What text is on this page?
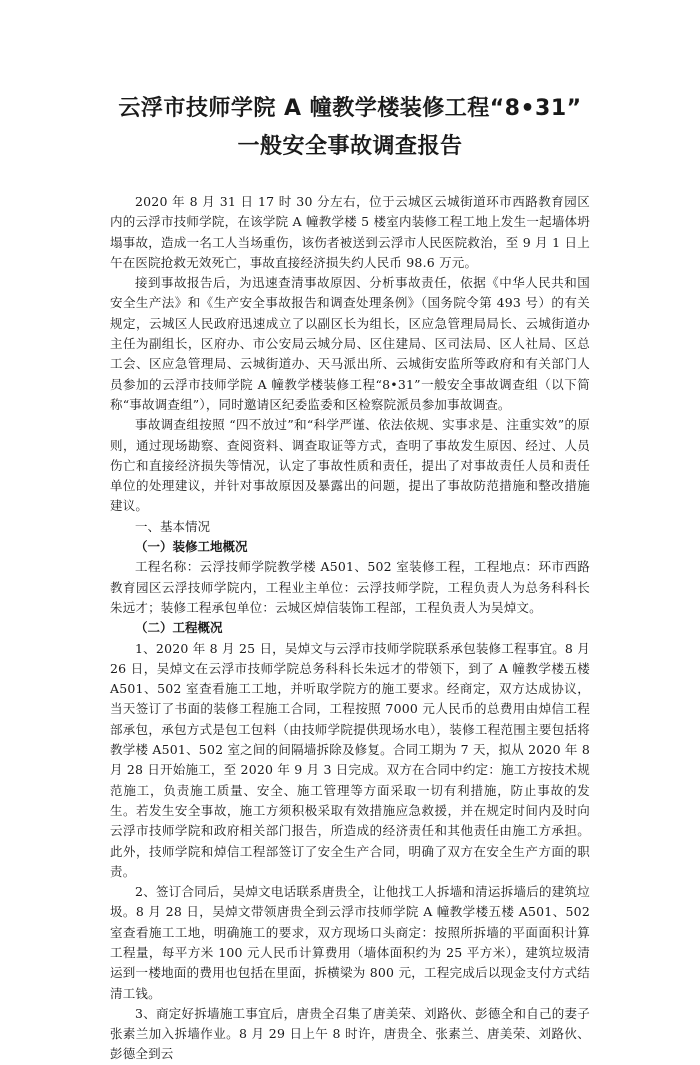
云浮市技师学院 A 幢教学楼装修工程“8•31”
一般安全事故调查报告

2020 年 8 月 31 日 17 时 30 分左右，位于云城区云城街道环市西路教育园区内的云浮市技师学院，在该学院 A 幢教学楼 5 楼室内装修工程工地上发生一起墙体坍塌事故，造成一名工人当场重伤，该伤者被送到云浮市人民医院救治，至 9 月 1 日上午在医院抢救无效死亡，事故直接经济损失约人民币 98.6 万元。

接到事故报告后，为迅速查清事故原因、分析事故责任，依据《中华人民共和国安全生产法》和《生产安全事故报告和调查处理条例》（国务院令第 493 号）的有关规定，云城区人民政府迅速成立了以副区长为组长，区应急管理局局长、云城街道办主任为副组长，区府办、市公安局云城分局、区住建局、区司法局、区人社局、区总工会、区应急管理局、云城街道办、天马派出所、云城街安监所等政府和有关部门人员参加的云浮市技师学院 A 幢教学楼装修工程“8•31”一般安全事故调查组（以下简称“事故调查组”），同时邀请区纪委监委和区检察院派员参加事故调查。

事故调查组按照 “四不放过”和“科学严谨、依法依规、实事求是、注重实效”的原则，通过现场勘察、查阅资料、调查取证等方式，查明了事故发生原因、经过、人员伤亡和直接经济损失等情况，认定了事故性质和责任，提出了对事故责任人员和责任单位的处理建议，并针对事故原因及暴露出的问题，提出了事故防范措施和整改措施建议。

一、基本情况

（一）装修工地概况

工程名称：云浮技师学院教学楼 A501、502 室装修工程，工程地点：环市西路教育园区云浮技师学院内，工程业主单位：云浮技师学院，工程负责人为总务科科长朱远才；装修工程承包单位：云城区焯信装饰工程部，工程负责人为吴焯文。

（二）工程概况

1、2020 年 8 月 25 日，吴焯文与云浮市技师学院联系承包装修工程事宜。8 月 26 日，吴焯文在云浮市技师学院总务科科长朱远才的带领下，到了 A 幢教学楼五楼 A501、502 室查看施工工地，并听取学院方的施工要求。经商定，双方达成协议，当天签订了书面的装修工程施工合同，工程按照 7000 元人民币的总费用由焯信工程部承包，承包方式是包工包料（由技师学院提供现场水电），装修工程范围主要包括将教学楼 A501、502 室之间的间隔墙拆除及修复。合同工期为 7 天，拟从 2020 年 8 月 28 日开始施工，至 2020 年 9 月 3 日完成。双方在合同中约定：施工方按技术规范施工，负责施工质量、安全、施工管理等方面采取一切有利措施，防止事故的发生。若发生安全事故，施工方须积极采取有效措施应急救援，并在规定时间内及时向云浮市技师学院和政府相关部门报告，所造成的经济责任和其他责任由施工方承担。此外，技师学院和焯信工程部签订了安全生产合同，明确了双方在安全生产方面的职责。

2、签订合同后，吴焯文电话联系唐贵全，让他找工人拆墙和清运拆墙后的建筑垃圾。8 月 28 日，吴焯文带领唐贵全到云浮市技师学院 A 幢教学楼五楼 A501、502 室查看施工工地，明确施工的要求，双方现场口头商定：按照所拆墙的平面面积计算工程量，每平方米 100 元人民币计算费用（墙体面积约为 25 平方米），建筑垃圾清运到一楼地面的费用也包括在里面，拆横梁为 800 元，工程完成后以现金支付方式结清工钱。

3、商定好拆墙施工事宜后，唐贵全召集了唐美荣、刘路伙、彭德全和自己的妻子张素兰加入拆墙作业。8 月 29 日上午 8 时许，唐贵全、张素兰、唐美荣、刘路伙、彭德全到云
